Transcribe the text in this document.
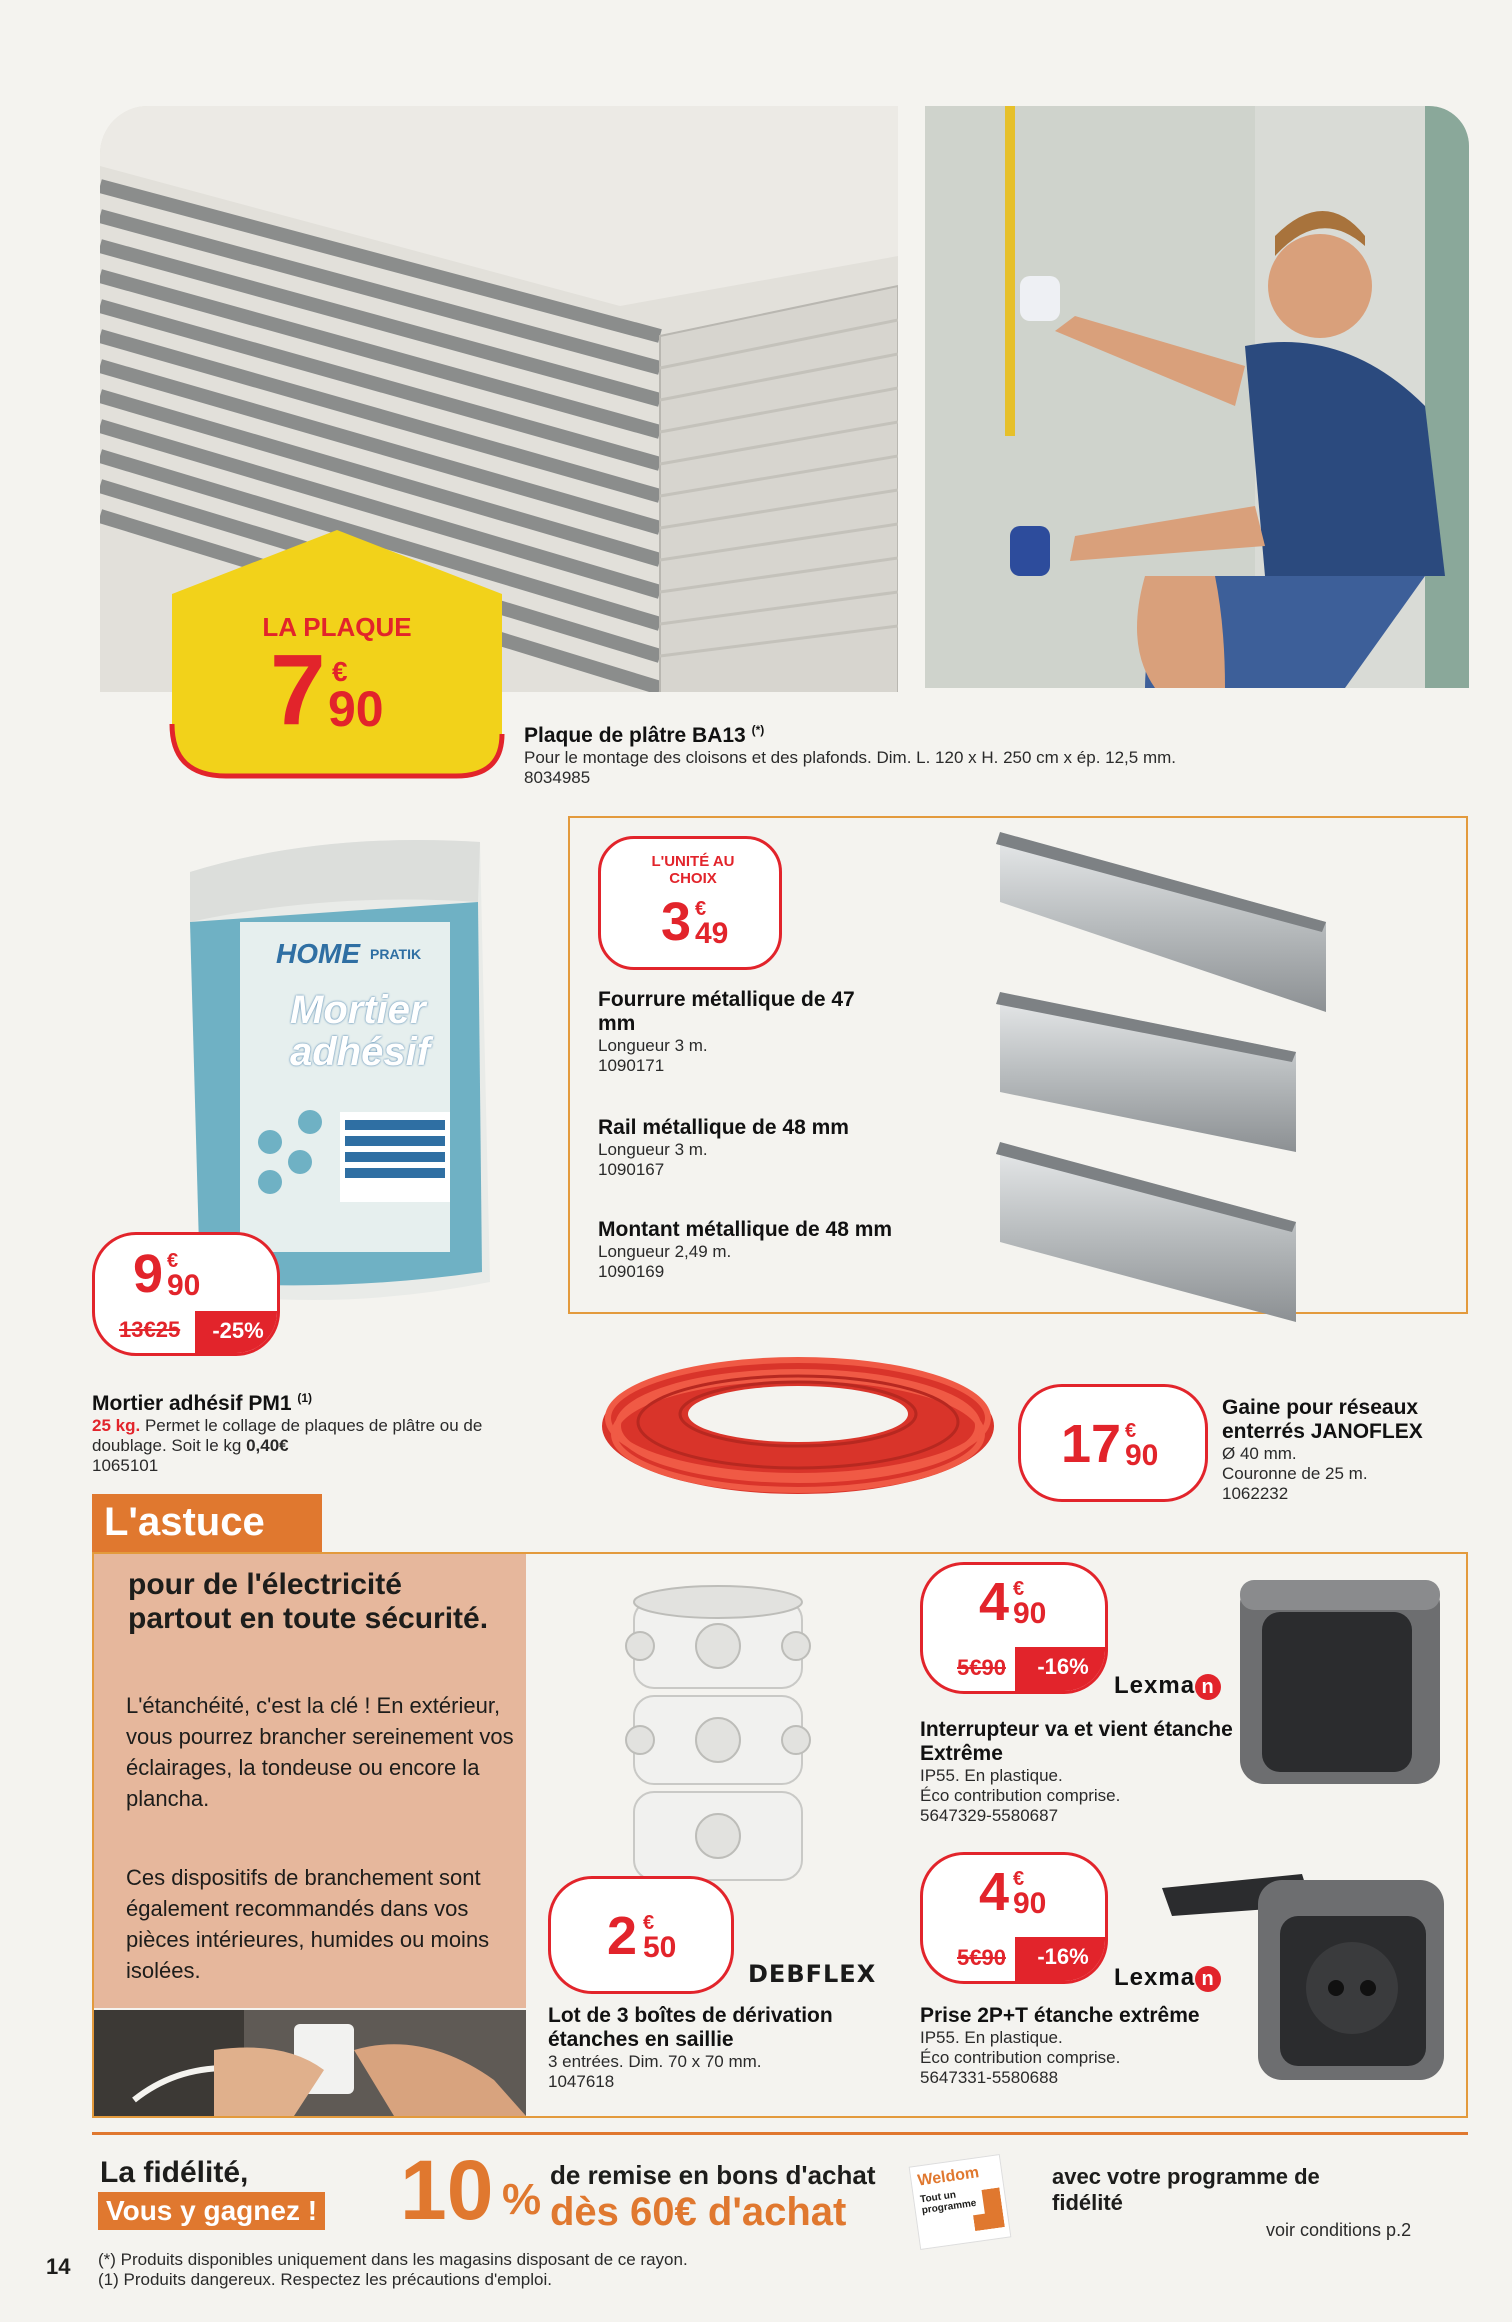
LA PLAQUE
7 €
90	Plaque de plâtre BA13 (*)
Pour le montage des cloisons et des plafonds. Dim. L. 120 x H. 250 cm x ép. 12,5 mm.
8034985
HOME PRATIK
Mortier
adhésif
9 €
90
13€25	-25%
Mortier adhésif PM1 $^{(1)}$
25 kg. Permet le collage de plaques de plâtre ou de doublage. Soit le kg 0,40€
1065101
L'UNITÉ AU CHOIX
3 €
49
Fourrure métallique de 47 mm
Longueur 3 m.
1090171
Rail métallique de 48 mm
Longueur 3 m.
1090167
Montant métallique de 48 mm
Longueur 2,49 m.
1090169
17 €
90
Gaine pour réseaux enterrés JANOFLEX
Ø 40 mm.
Couronne de 25 m.
1062232
L'astuce
pour de l'électricité partout en toute sécurité.
L'étanchéité, c'est la clé ! En extérieur, vous pourrez brancher sereinement vos éclairages, la tondeuse ou encore la plancha.
Ces dispositifs de branchement sont également recommandés dans vos pièces intérieures, humides ou moins isolées.
2 €
50
DEBFLEX
Lot de 3 boîtes de dérivation étanches en saillie
3 entrées. Dim. 70 x 70 mm.
1047618
4 €
90
5€90	-16%
Lexma n
Interrupteur va et vient étanche Extrême
IP55. En plastique.
Éco contribution comprise.
5647329-5580687
4 €
90
5€90	-16%
Lexma n
Prise 2P+T étanche extrême
IP55. En plastique.
Éco contribution comprise.
5647331-5580688
La fidélité,
Vous y gagnez ! 10 % de remise en bons d'achat
dès 60€ d'achat
Weldom
Tout un programme
avec votre programme de fidélité
voir conditions p.2
14 (*) Produits disponibles uniquement dans les magasins disposant de ce rayon.
(1) Produits dangereux. Respectez les précautions d'emploi.
